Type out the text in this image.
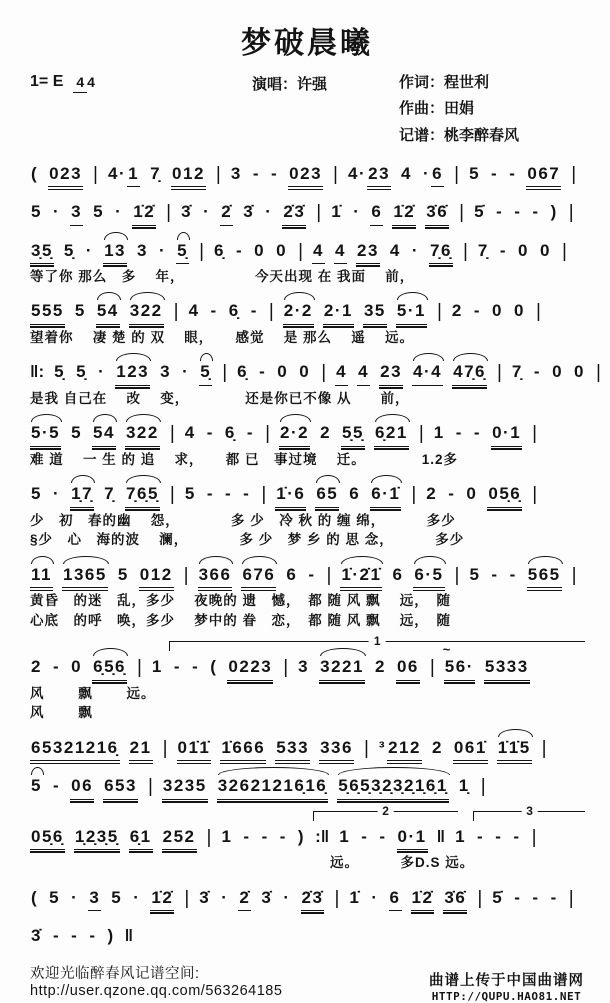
梦破晨曦
1= E 4 4	演唱：许强	作词：程世利
作曲：田娟
记谱：桃李醉春风
( 023 | 4· 1 7̣ 012 | 3 - - 023 | 4· 23 4 · 6 | 5 - - 067 |
5 · 3 5 · 1̇2̇ | 3̇ · 2̇ 3̇ · 2̇3̇ | 1̇ · 6 1̇2̇ 3̇6̇ | 5̇ - - - ) |
3̣5̣ 5̣ · 13 3 · 5̣ | 6̣ - 0 0 | 4 4 23 4 · 7̣6̣ | 7̣ - 0 0 |
等了你 那么　多　 年，　　　　　 今天出现 在 我面　 前，
555 5 54 322 | 4 - 6̣ - | 2·2 2·1 35 5·1 | 2 - 0 0 |
望着你　 凄 楚 的 双　 眼，　　感觉　 是 那么　 遥　 远。
‖: 5̣ 5̣ · 123 3 · 5̣ | 6̣ - 0 0 | 4 4 23 4·4 47̣6̣ | 7̣ - 0 0 |
是我 自己在　 改　 变，　　　　 还是你已不像 从　　前，
5·5 5 54 322 | 4 - 6̣ - | 2·2 2 5̣5̣ 6̣21 | 1 - - 0·1 |
难 道　 一 生 的 追　 求，　　都 已　事过境　 迁。　　　　 1.2多
5 · 1̣7̣ 7̣ 7̣6̣5̣ | 5 - - - | 1̇·6 65 6 6·1̇ | 2 - 0 05̣6̣ |
少　初　春的幽　 怨，　　　　多 少　冷 秋 的 缠 绵，　　　 多少
§少　心　海的波　 澜，　　　　多 少　梦 乡 的 思 念，　　　 多少
11 1365 5 012 | 366 676 6 - | 1̇·2̇1̇ 6 6·5 | 5 - - 565 |
黄昏　的迷　乱，多少　 夜晚的 遗　憾，　都 随 风 飘　 远，　随
心底　的呼　唤，多少　 梦中的 眷　恋，　都 随 风 飘　 远，　随
1
2 - 0 6̣5̣6̣ | 1 - - ( 0223 | 3 3221 2 06 | ~ 56· 5333
风　　 飘　　 远。
风　　 飘
65321216̣ 21 | 01̇1̇ 1̇666 533 336 | ³ 212 2 061̇ 1̇1̇5 |
5 - 06 653 | 3235 32621216̣16̣ 5̣6̣5̣3̣2̣3̣2̣1̣6̣1̣ 1̣ |
2	3
05̣6̣ 1̣2̣3̣5̣ 6̣1 252 | 1 - - - ) :‖ 1 - - 0·1 ‖ 1 - - - |
远。　　　 多D.S 远。
( 5 · 3 5 · 1̇2̇ | 3̇ · 2̇ 3̇ · 2̇3̇ | 1̇ · 6 1̇2̇ 3̇6̇ | 5̇ - - - |
3̇ - - - ) ‖
欢迎光临醉春风记谱空间: http://user.qzone.qq.com/563264185
曲谱上传于中国曲谱网
HTTP://QUPU.HAO81.NET
